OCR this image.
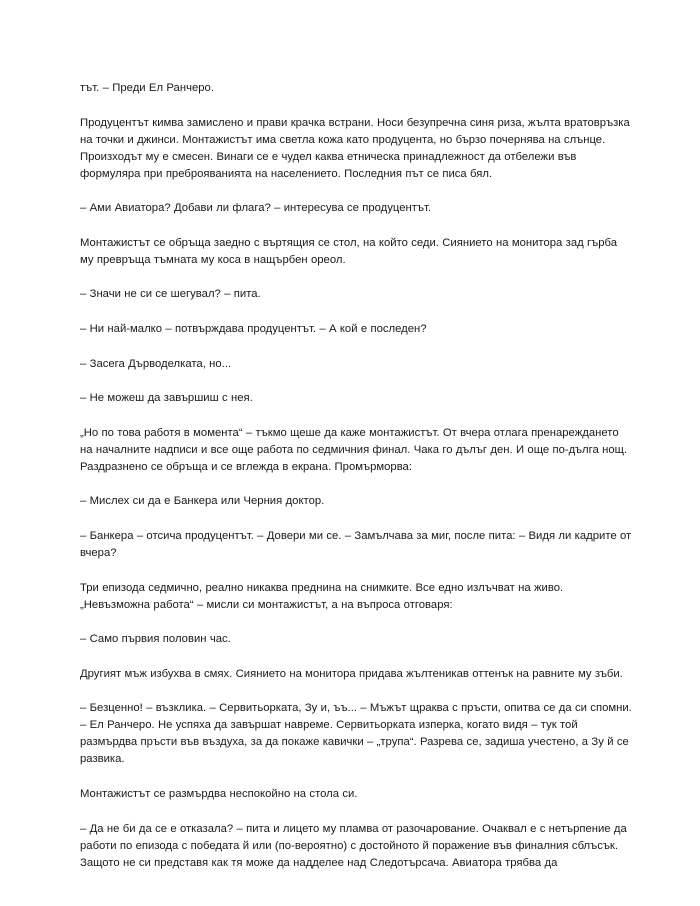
тът. – Преди Ел Ранчеро.

Продуцентът кимва замислено и прави крачка встрани. Носи безупречна синя риза, жълта вратовръзка на точки и джинси. Монтажистът има светла кожа като продуцента, но бързо почернява на слънце. Произходът му е смесен. Винаги се е чудел каква етническа принадлежност да отбележи във формуляра при преброяванията на населението. Последния път се писа бял.

– Ами Авиатора? Добави ли флага? – интересува се продуцентът.

Монтажистът се обръща заедно с въртящия се стол, на който седи. Сиянието на монитора зад гърба му превръща тъмната му коса в нащърбен ореол.

– Значи не си се шегувал? – пита.

– Ни най-малко – потвърждава продуцентът. – А кой е последен?

– Засега Дърводелката, но...

– Не можеш да завършиш с нея.

„Но по това работя в момента“ – тъкмо щеше да каже монтажистът. От вчера отлага пренареждането на началните надписи и все още работа по седмичния финал. Чака го дълъг ден. И още по-дълга нощ. Раздразнено се обръща и се вглежда в екрана. Промърморва:

– Мислех си да е Банкера или Черния доктор.

– Банкера – отсича продуцентът. – Довери ми се. – Замълчава за миг, после пита: – Видя ли кадрите от вчера?

Три епизода седмично, реално никаква преднина на снимките. Все едно излъчват на живо. „Невъзможна работа“ – мисли си монтажистът, а на въпроса отговаря:

– Само първия половин час.

Другият мъж избухва в смях. Сиянието на монитора придава жълтеникав оттенък на равните му зъби.

– Безценно! – възклика. – Сервитьорката, Зу и, ъъ... – Мъжът щраква с пръсти, опитва се да си спомни. – Ел Ранчеро. Не успяха да завършат навреме. Сервитьорката изперка, когато видя – тук той размърдва пръсти във въздуха, за да покаже кавички – „трупа“. Разрева се, задиша учестено, а Зу й се развика.

Монтажистът се размърдва неспокойно на стола си.

– Да не би да се е отказала? – пита и лицето му пламва от разочарование. Очаквал е с нетърпение да работи по епизода с победата й или (по-вероятно) с достойното й поражение във финалния сблъсък. Защото не си представя как тя може да надделее над Следотърсача. Авиатора трябва да
